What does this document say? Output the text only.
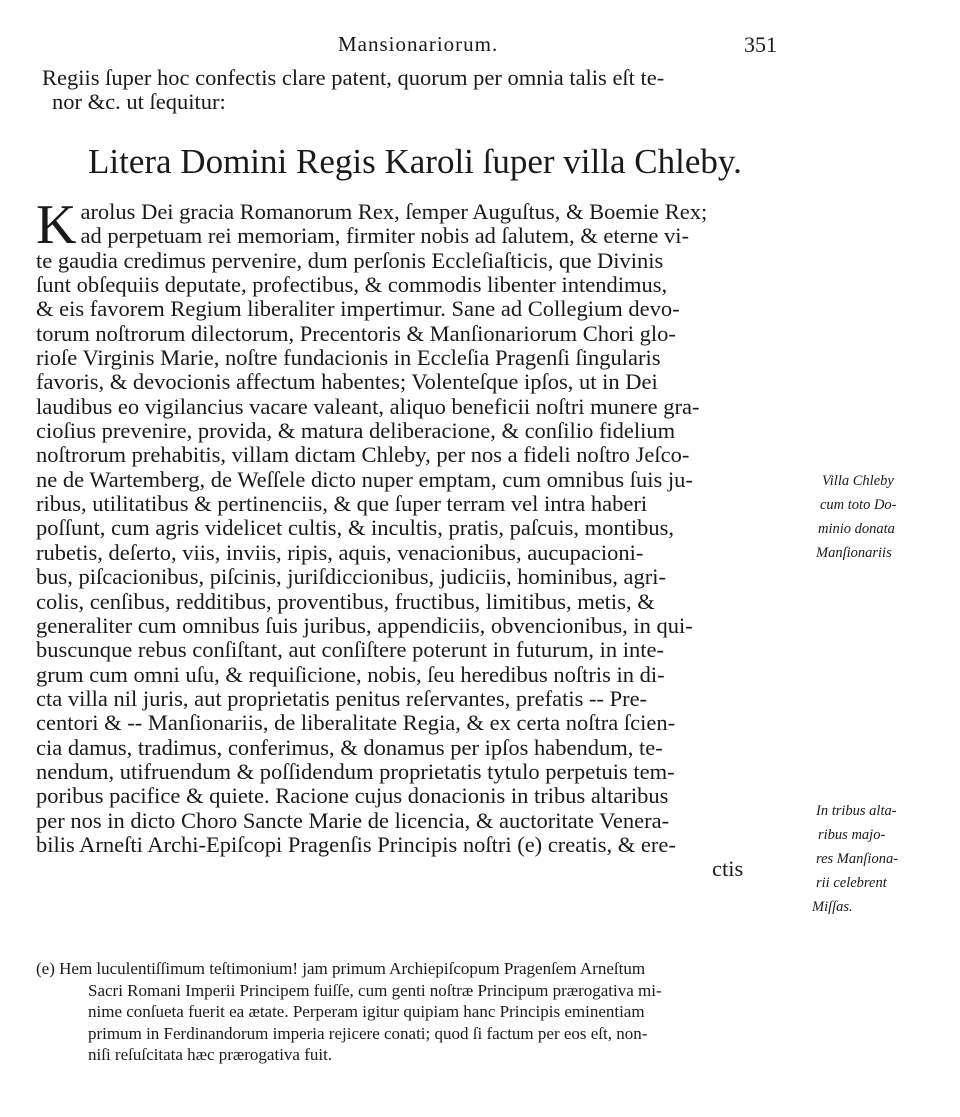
Mansionariorum.	351
Regiis ſuper hoc confectis clare patent, quorum per omnia talis eſt te-
nor &c. ut ſequitur:
Litera Domini Regis Karoli ſuper villa Chleby.
K arolus Dei gracia Romanorum Rex, ſemper Auguſtus, & Boemie Rex;
ad perpetuam rei memoriam, firmiter nobis ad ſalutem, & eterne vi-
te gaudia credimus pervenire, dum perſonis Eccleſiaſticis, que Divinis
ſunt obſequiis deputate, profectibus, & commodis libenter intendimus,
& eis favorem Regium liberaliter impertimur. Sane ad Collegium devo-
torum noſtrorum dilectorum, Precentoris & Manſionariorum Chori glo-
rioſe Virginis Marie, noſtre fundacionis in Eccleſia Pragenſi ſingularis
favoris, & devocionis affectum habentes; Volenteſque ipſos, ut in Dei
laudibus eo vigilancius vacare valeant, aliquo beneficii noſtri munere gra-
cioſius prevenire, provida, & matura deliberacione, & conſilio fidelium
noſtrorum prehabitis, villam dictam Chleby, per nos a fideli noſtro Jeſco-
ne de Wartemberg, de Weſſele dicto nuper emptam, cum omnibus ſuis ju-
ribus, utilitatibus & pertinenciis, & que ſuper terram vel intra haberi
poſſunt, cum agris videlicet cultis, & incultis, pratis, paſcuis, montibus,
rubetis, deſerto, viis, inviis, ripis, aquis, venacionibus, aucupacioni-
bus, piſcacionibus, piſcinis, juriſdiccionibus, judiciis, hominibus, agri-
colis, cenſibus, redditibus, proventibus, fructibus, limitibus, metis, &
generaliter cum omnibus ſuis juribus, appendiciis, obvencionibus, in qui-
buscunque rebus conſiſtant, aut conſiſtere poterunt in futurum, in inte-
grum cum omni uſu, & requiſicione, nobis, ſeu heredibus noſtris in di-
cta villa nil juris, aut proprietatis penitus reſervantes, prefatis -- Pre-
centori & -- Manſionariis, de liberalitate Regia, & ex certa noſtra ſcien-
cia damus, tradimus, conferimus, & donamus per ipſos habendum, te-
nendum, utifruendum & poſſidendum proprietatis tytulo perpetuis tem-
poribus pacifice & quiete. Racione cujus donacionis in tribus altaribus
per nos in dicto Choro Sancte Marie de licencia, & auctoritate Venera-
bilis Arneſti Archi-Epiſcopi Pragenſis Principis noſtri (e) creatis, & ere-
ctis
Villa Chleby
cum toto Do-
minio donata
Manſionariis
In tribus alta-
ribus majo-
res Manſiona-
rii celebrent
Miſſas.
(e) Hem luculentiſſimum teſtimonium! jam primum Archiepiſcopum Pragenſem Arneſtum
Sacri Romani Imperii Principem fuiſſe, cum genti noſtræ Principum prærogativa mi-
nime conſueta fuerit ea ætate. Perperam igitur quipiam hanc Principis eminentiam
primum in Ferdinandorum imperia rejicere conati; quod ſi factum per eos eſt, non-
niſi reſuſcitata hæc prærogativa fuit.
